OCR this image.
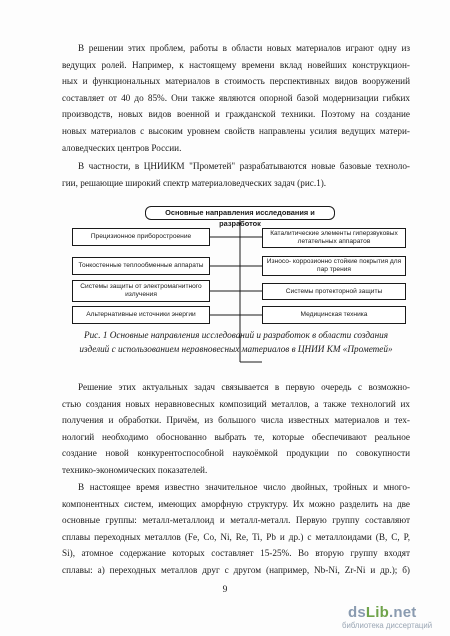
В решении этих проблем, работы в области новых материалов играют одну из
ведущих ролей. Например, к настоящему времени вклад новейших конструкцион-
ных и функциональных материалов в стоимость перспективных видов вооружений
составляет от 40 до 85%. Они также являются опорной базой модернизации гибких
производств, новых видов военной и гражданской техники. Поэтому на создание
новых материалов с высоким уровнем свойств направлены усилия ведущих матери-
аловедческих центров России.
В частности, в ЦНИИКМ "Прометей" разрабатываются новые базовые техноло-
гии, решающие широкий спектр материаловедческих задач (рис.1).
Основные направления исследования и разработок
Прецизионное приборостроение
Тонкостенные теплообменные аппараты
Системы защиты от электромагнитного излучения
Альтернативные источники энергии
Каталитические элементы гиперзвуковых летательных аппаратов
Износо- коррозионно стойкие покрытия для пар трения
Системы протекторной защиты
Медицинская техника
Рис. 1 Основные направления исследований и разработок в области создания
изделий с использованием неравновесных материалов в ЦНИИ КМ «Прометей»
Решение этих актуальных задач связывается в первую очередь с возможно-
стью создания новых неравновесных композиций металлов, а также технологий их
получения и обработки. Причём, из большого числа известных материалов и тех-
нологий необходимо обоснованно выбрать те, которые обеспечивают реальное
создание новой конкурентоспособной наукоёмкой продукции по совокупности
технико-экономических показателей.
В настоящее время известно значительное число двойных, тройных и много-
компонентных систем, имеющих аморфную структуру. Их можно разделить на две
основные группы: металл-металлоид и металл-металл. Первую группу составляют
сплавы переходных металлов (Fe, Co, Ni, Re, Ti, Pb и др.) с металлоидами (B, C, P,
Si), атомное содержание которых составляет 15-25%. Во вторую группу входят
сплавы: а) переходных металлов друг с другом (например, Nb-Ni, Zr-Ni и др.); б)
9
dsLib.net
библиотека диссертаций
